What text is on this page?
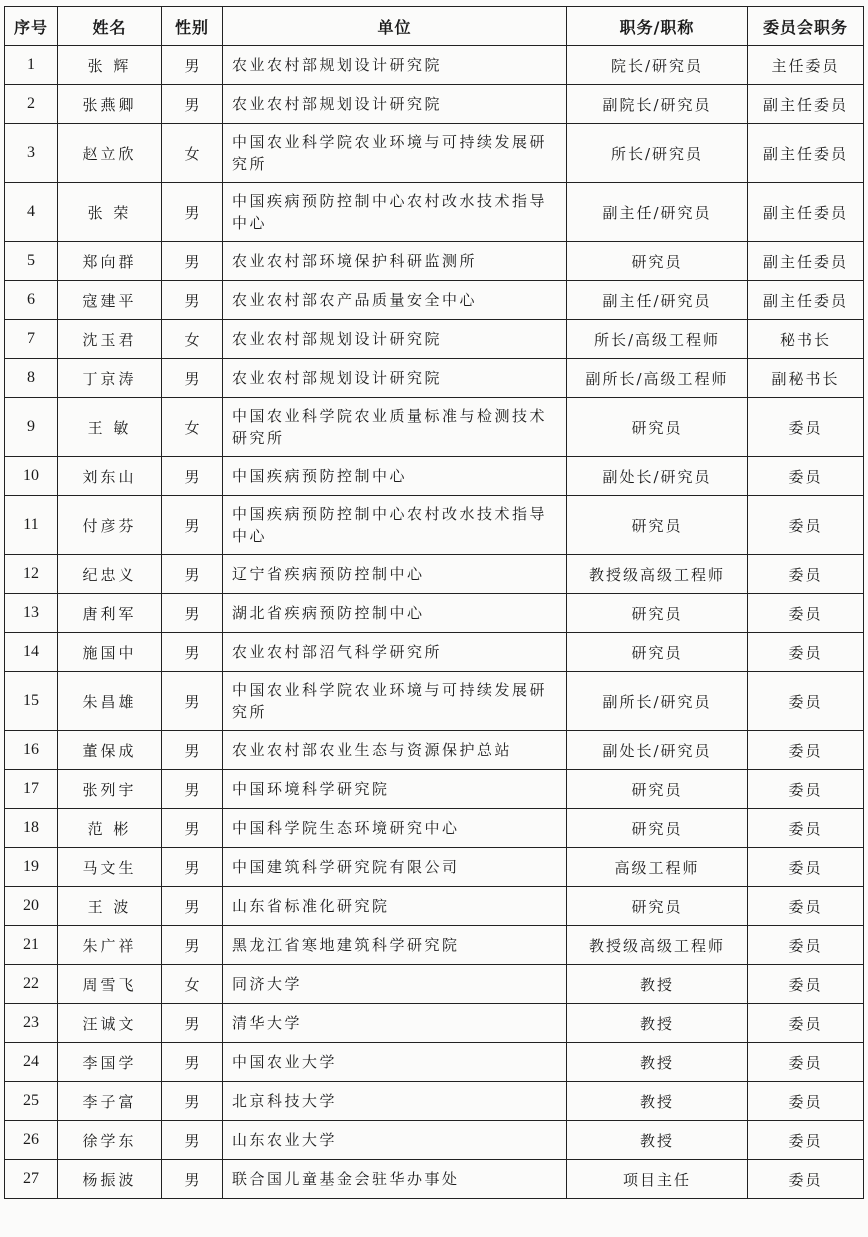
序号	姓名	性别	单位	职务/职称	委员会职务
1	张 辉	男	农业农村部规划设计研究院	院长/研究员	主任委员
2	张燕卿	男	农业农村部规划设计研究院	副院长/研究员	副主任委员
3	赵立欣	女	中国农业科学院农业环境与可持续发展研究所	所长/研究员	副主任委员
4	张 荣	男	中国疾病预防控制中心农村改水技术指导中心	副主任/研究员	副主任委员
5	郑向群	男	农业农村部环境保护科研监测所	研究员	副主任委员
6	寇建平	男	农业农村部农产品质量安全中心	副主任/研究员	副主任委员
7	沈玉君	女	农业农村部规划设计研究院	所长/高级工程师	秘书长
8	丁京涛	男	农业农村部规划设计研究院	副所长/高级工程师	副秘书长
9	王 敏	女	中国农业科学院农业质量标准与检测技术研究所	研究员	委员
10	刘东山	男	中国疾病预防控制中心	副处长/研究员	委员
11	付彦芬	男	中国疾病预防控制中心农村改水技术指导中心	研究员	委员
12	纪忠义	男	辽宁省疾病预防控制中心	教授级高级工程师	委员
13	唐利军	男	湖北省疾病预防控制中心	研究员	委员
14	施国中	男	农业农村部沼气科学研究所	研究员	委员
15	朱昌雄	男	中国农业科学院农业环境与可持续发展研究所	副所长/研究员	委员
16	董保成	男	农业农村部农业生态与资源保护总站	副处长/研究员	委员
17	张列宇	男	中国环境科学研究院	研究员	委员
18	范 彬	男	中国科学院生态环境研究中心	研究员	委员
19	马文生	男	中国建筑科学研究院有限公司	高级工程师	委员
20	王 波	男	山东省标准化研究院	研究员	委员
21	朱广祥	男	黑龙江省寒地建筑科学研究院	教授级高级工程师	委员
22	周雪飞	女	同济大学	教授	委员
23	汪诚文	男	清华大学	教授	委员
24	李国学	男	中国农业大学	教授	委员
25	李子富	男	北京科技大学	教授	委员
26	徐学东	男	山东农业大学	教授	委员
27	杨振波	男	联合国儿童基金会驻华办事处	项目主任	委员
